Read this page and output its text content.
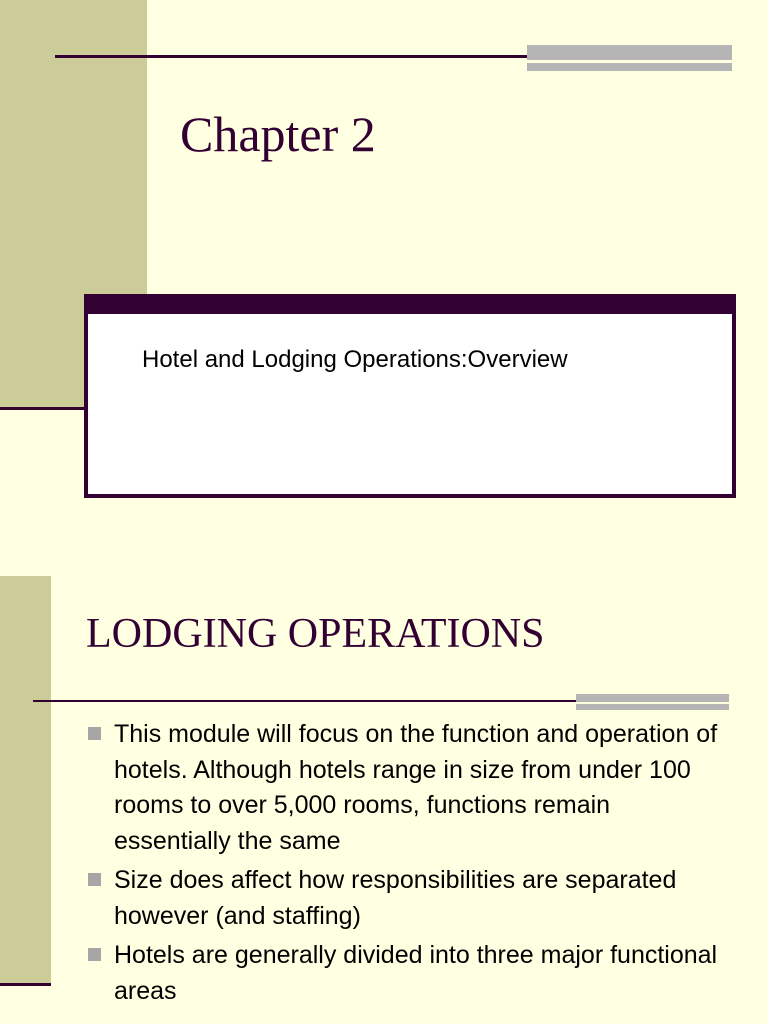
Chapter 2
Hotel and Lodging Operations:Overview
LODGING OPERATIONS
This module will focus on the function and operation of hotels. Although hotels range in size from under 100 rooms to over 5,000 rooms, functions remain essentially the same
Size does affect how responsibilities are separated however (and staffing)
Hotels are generally divided into three major functional areas
